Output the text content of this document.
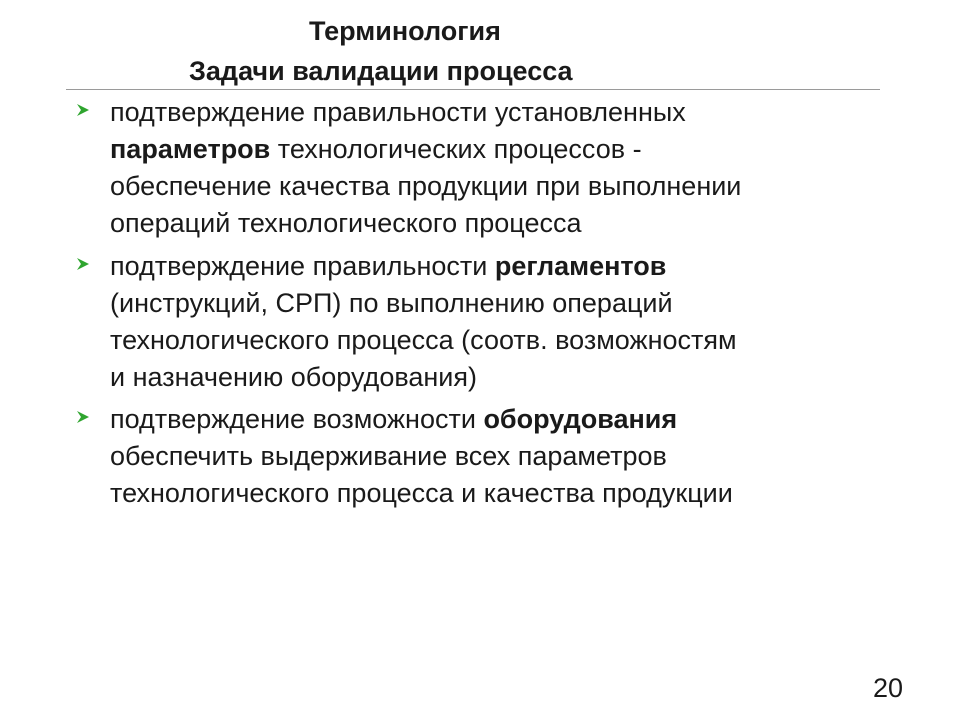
Терминология
Задачи валидации процесса
подтверждение правильности установленных
параметров технологических процессов -
обеспечение качества продукции при выполнении
операций технологического процесса
подтверждение правильности регламентов
(инструкций, СРП) по выполнению операций
технологического процесса (соотв. возможностям
и назначению оборудования)
подтверждение возможности оборудования
обеспечить выдерживание всех параметров
технологического процесса и качества продукции
20
